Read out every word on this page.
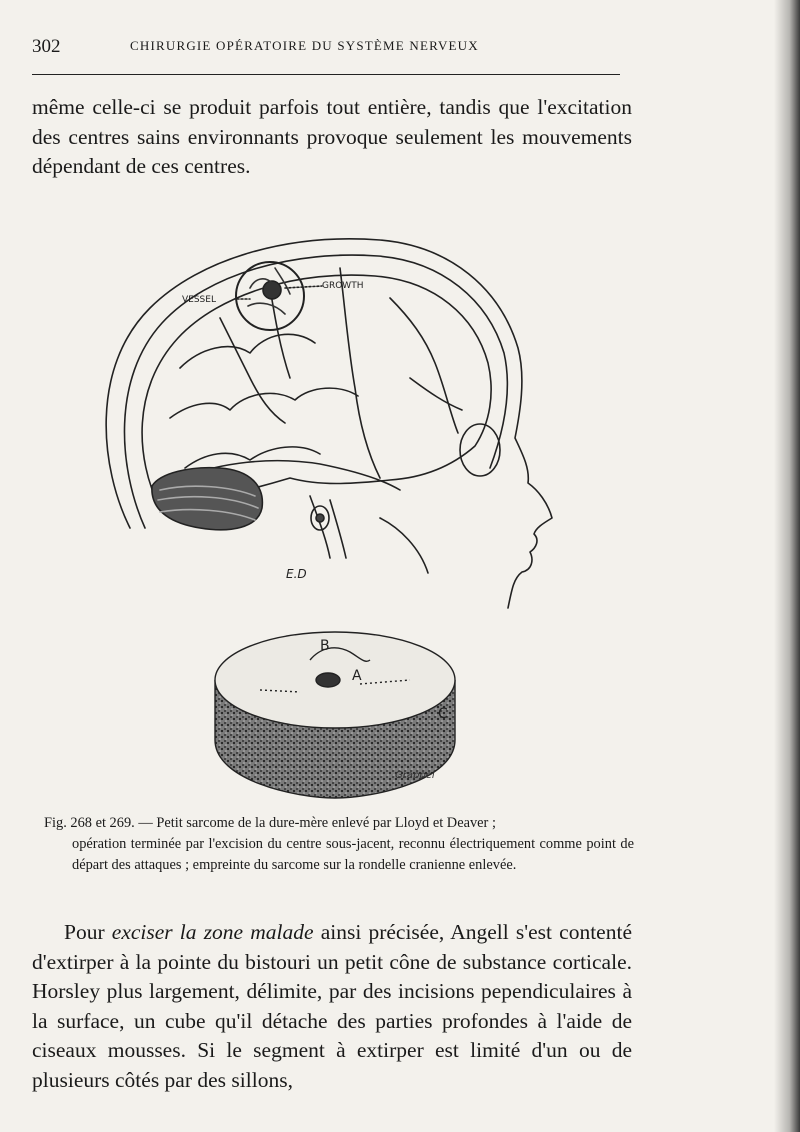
302	CHIRURGIE OPÉRATOIRE DU SYSTÈME NERVEUX
même celle-ci se produit parfois tout entière, tandis que l'excitation des centres sains environnants provoque seulement les mouvements dépendant de ces centres.
VESSEL
GROWTH
E.D
B
A
C
Grappel
Fig. 268 et 269. — Petit sarcome de la dure-mère enlevé par Lloyd et Deaver ;
opération terminée par l'excision du centre sous-jacent, reconnu électriquement comme point de départ des attaques ; empreinte du sarcome sur la rondelle cranienne enlevée.
Pour exciser la zone malade ainsi précisée, Angell s'est contenté d'extirper à la pointe du bistouri un petit cône de substance corticale. Horsley plus largement, délimite, par des incisions pependiculaires à la surface, un cube qu'il détache des parties profondes à l'aide de ciseaux mousses. Si le segment à extirper est limité d'un ou de plusieurs côtés par des sillons,
